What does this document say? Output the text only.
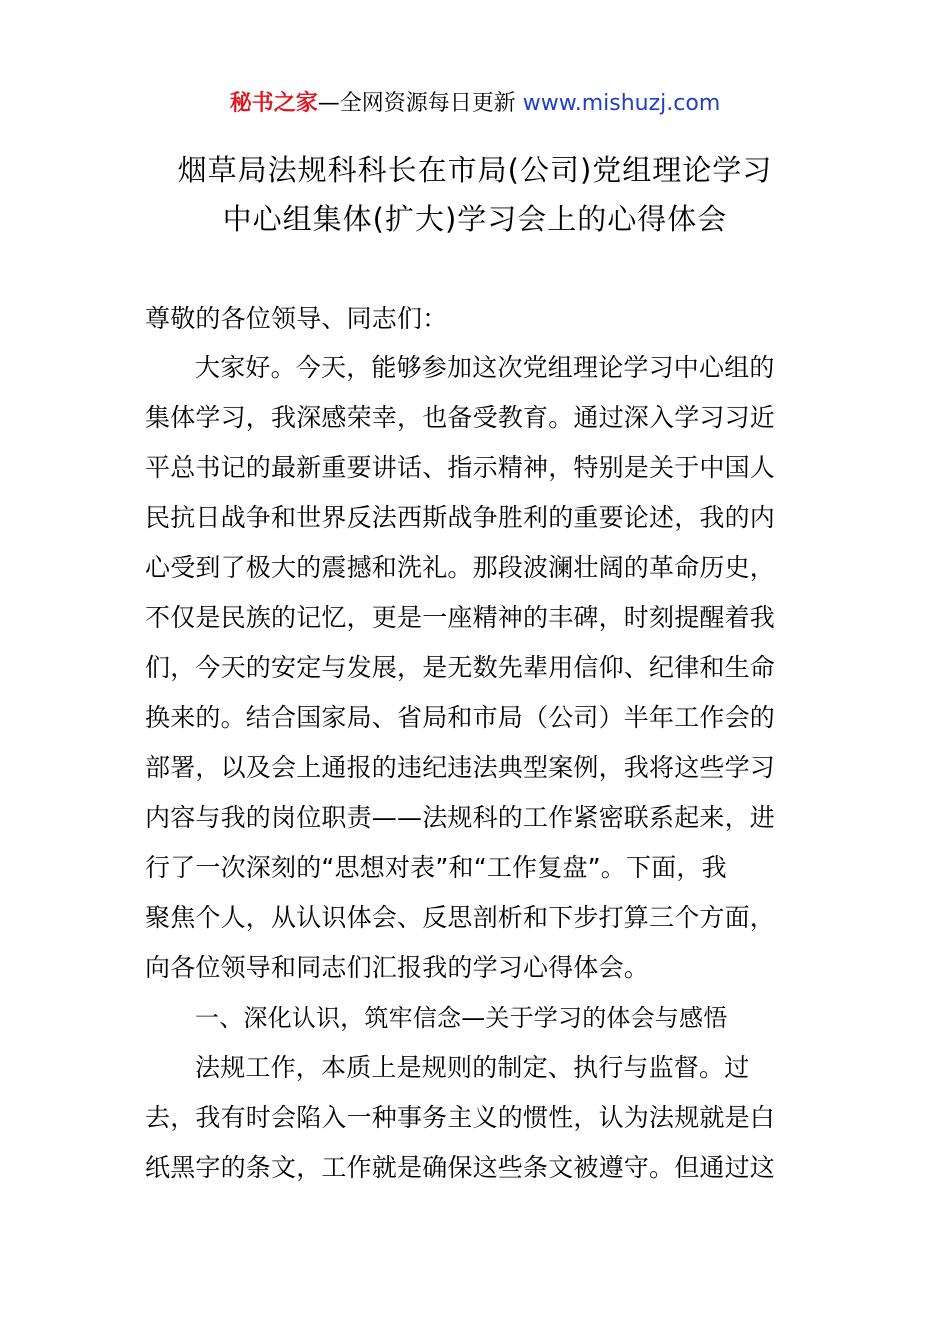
秘书之家—全网资源每日更新 www.mishuzj.com
烟草局法规科科长在市局(公司)党组理论学习
中心组集体(扩大)学习会上的心得体会
尊敬的各位领导、同志们：
大家好。今天，能够参加这次党组理论学习中心组的
集体学习，我深感荣幸，也备受教育。通过深入学习习近
平总书记的最新重要讲话、指示精神，特别是关于中国人
民抗日战争和世界反法西斯战争胜利的重要论述，我的内
心受到了极大的震撼和洗礼。那段波澜壮阔的革命历史，
不仅是民族的记忆，更是一座精神的丰碑，时刻提醒着我
们，今天的安定与发展，是无数先辈用信仰、纪律和生命
换来的。结合国家局、省局和市局（公司）半年工作会的
部署，以及会上通报的违纪违法典型案例，我将这些学习
内容与我的岗位职责——法规科的工作紧密联系起来，进
行了一次深刻的“思想对表”和“工作复盘”。下面，我
聚焦个人，从认识体会、反思剖析和下步打算三个方面，
向各位领导和同志们汇报我的学习心得体会。
一、深化认识，筑牢信念—关于学习的体会与感悟
法规工作，本质上是规则的制定、执行与监督。过
去，我有时会陷入一种事务主义的惯性，认为法规就是白
纸黑字的条文，工作就是确保这些条文被遵守。但通过这
